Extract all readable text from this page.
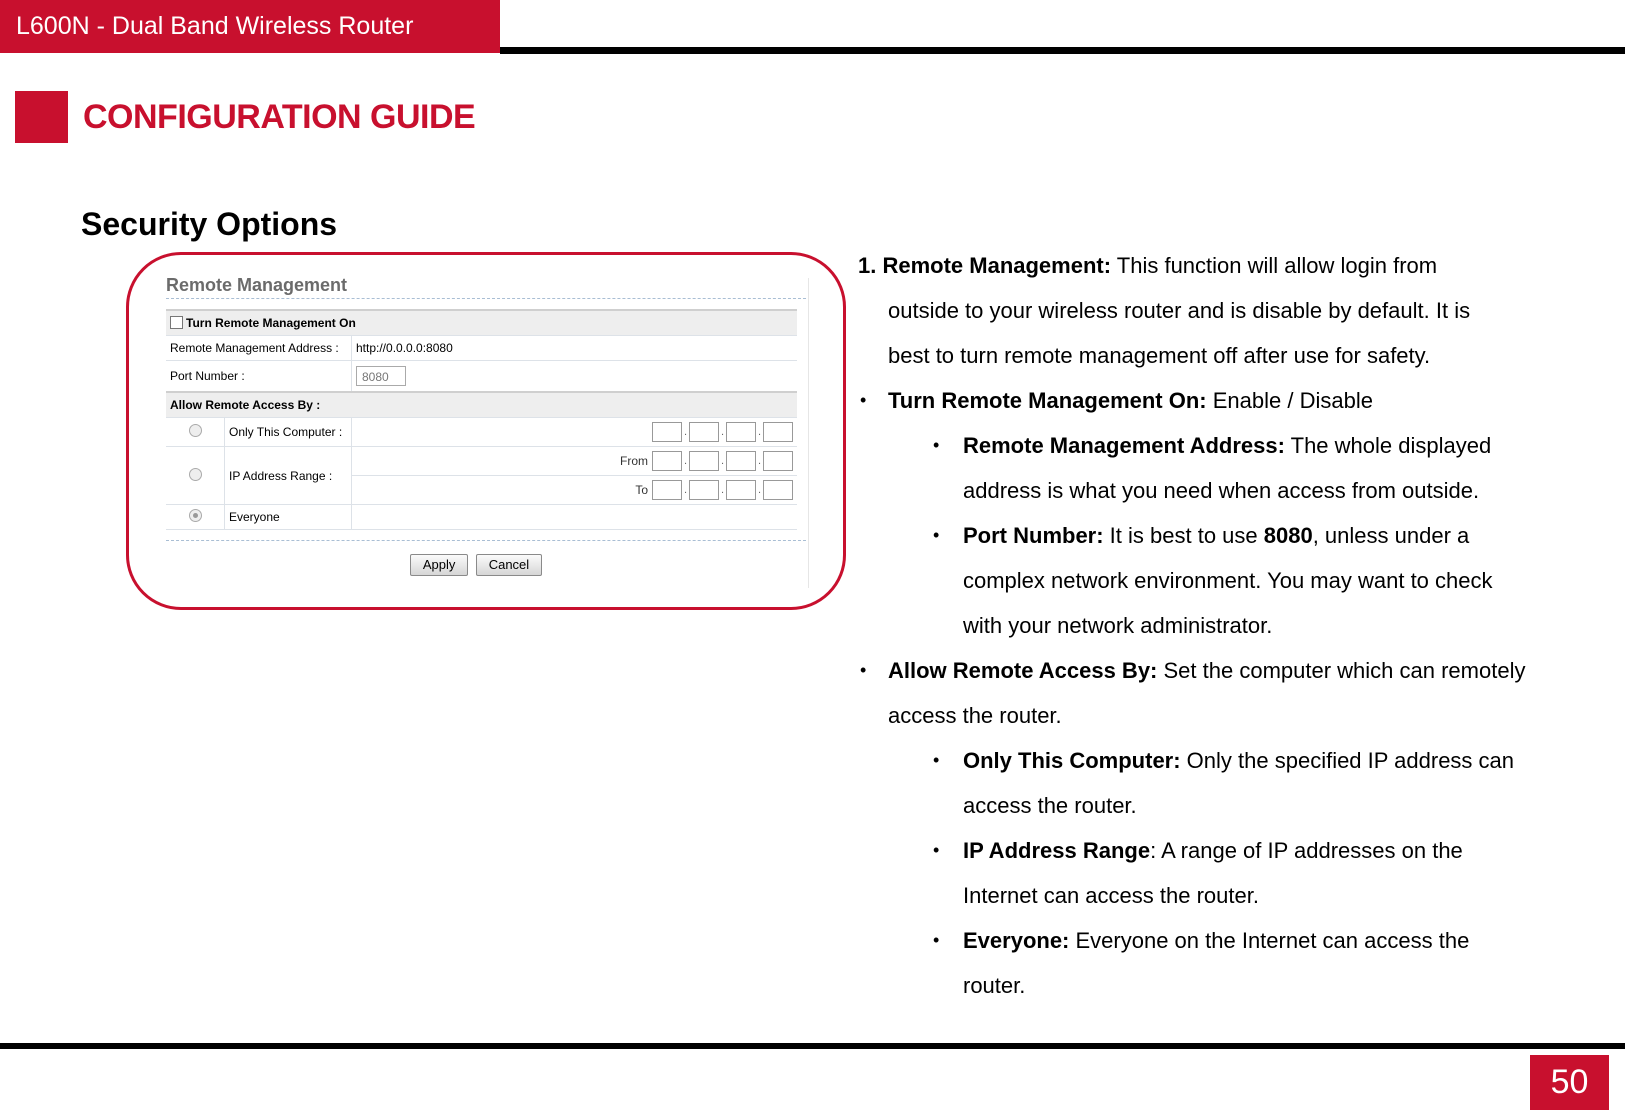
L600N - Dual Band Wireless Router
CONFIGURATION GUIDE
Security Options
Remote Management
Turn Remote Management On		
Remote Management Address :		http://0.0.0.0:8080
Port Number :		8080
Allow Remote Access By :		
	Only This Computer :	. . .
	IP Address Range :	From . . .
		To . . .
	Everyone	
Apply	Cancel

1. Remote Management: This function will allow login from

outside to your wireless router and is disable by default. It is

best to turn remote management off after use for safety.

• Turn Remote Management On: Enable / Disable

• Remote Management Address: The whole displayed

address is what you need when access from outside.

• Port Number: It is best to use 8080, unless under a

complex network environment. You may want to check

with your network administrator.

• Allow Remote Access By: Set the computer which can remotely

access the router.

• Only This Computer: Only the specified IP address can

access the router.

• IP Address Range: A range of IP addresses on the

Internet can access the router.

• Everyone: Everyone on the Internet can access the

router.

50
